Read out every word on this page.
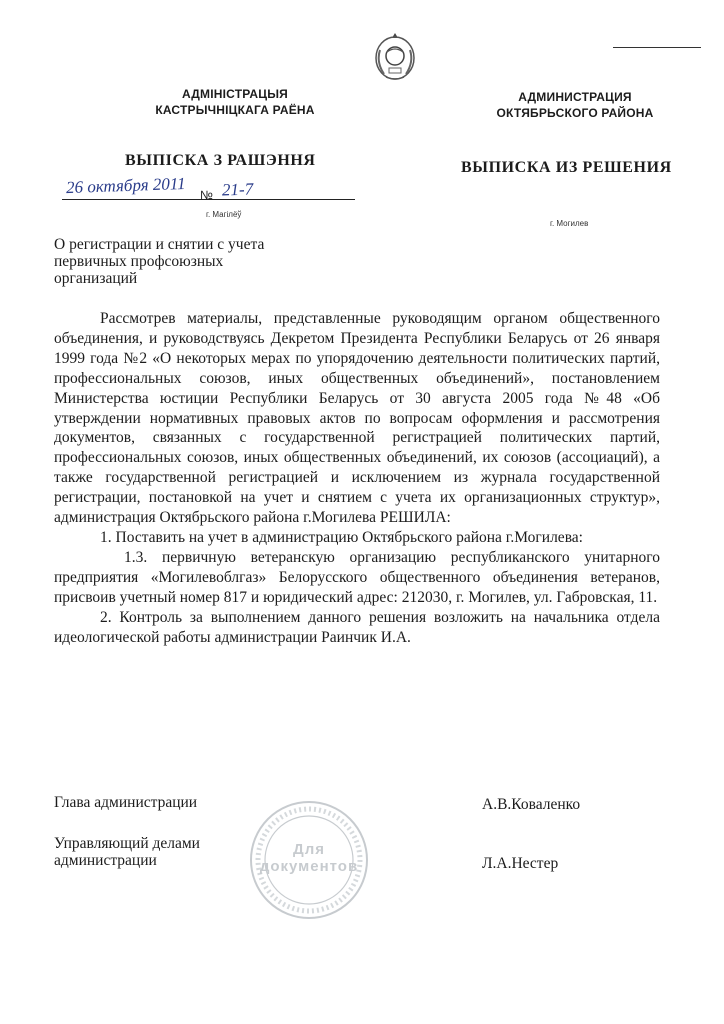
АДМІНІСТРАЦЫЯ
КАСТРЫЧНІЦКАГА РАЁНА
АДМИНИСТРАЦИЯ
ОКТЯБРЬСКОГО РАЙОНА
ВЫПІСКА З РАШЭННЯ	ВЫПИСКА ИЗ РЕШЕНИЯ
26 октября 2011 № 21-7
г. Магілёў
г. Могилев
О регистрации и снятии с учета
первичных профсоюзных
организаций

Рассмотрев материалы, представленные руководящим органом общественного объединения, и руководствуясь Декретом Президента Республики Беларусь от 26 января 1999 года №2 «О некоторых мерах по упорядочению деятельности политических партий, профессиональных союзов, иных общественных объединений», постановлением Министерства юстиции Республики Беларусь от 30 августа 2005 года №48 «Об утверждении нормативных правовых актов по вопросам оформления и рассмотрения документов, связанных с государственной регистрацией политических партий, профессиональных союзов, иных общественных объединений, их союзов (ассоциаций), а также государственной регистрацией и исключением из журнала государственной регистрации, постановкой на учет и снятием с учета их организационных структур», администрация Октябрьского района г.Могилева РЕШИЛА:

1. Поставить на учет в администрацию Октябрьского района г.Могилева:

1.3. первичную ветеранскую организацию республиканского унитарного предприятия «Могилевоблгаз» Белорусского общественного объединения ветеранов, присвоив учетный номер 817 и юридический адрес: 212030, г. Могилев, ул. Габровская, 11.

2. Контроль за выполнением данного решения возложить на начальника отдела идеологической работы администрации Раинчик И.А.

Глава администрации	А.В.Коваленко
Управляющий делами
администрации	Л.А.Нестер
Для
документов
